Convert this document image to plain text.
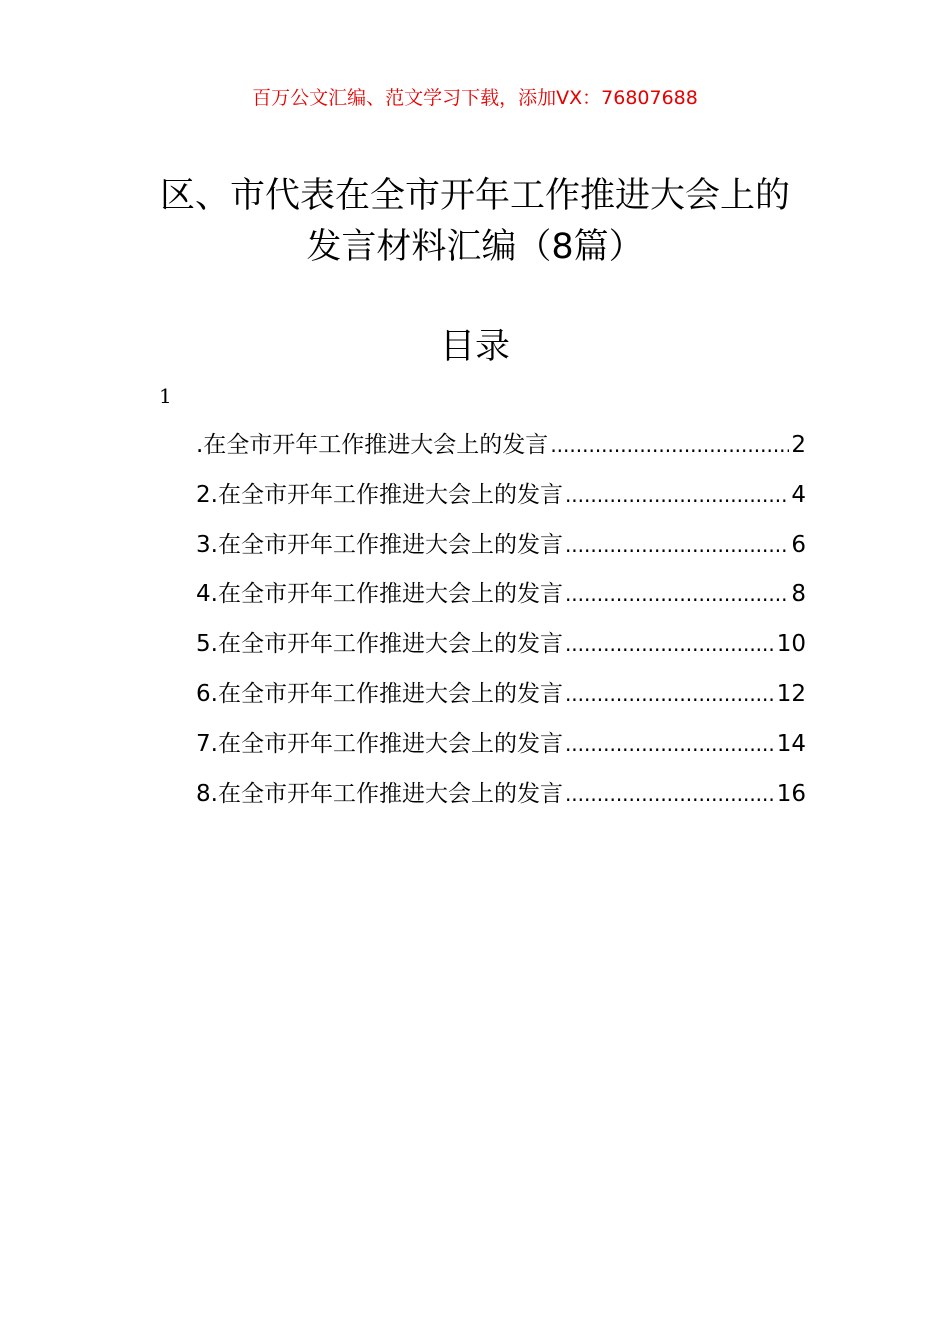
百万公文汇编、范文学习下载，添加VX：76807688
区、市代表在全市开年工作推进大会上的
发言材料汇编（8篇）
目录
1
.在全市开年工作推进大会上的发言 .....	2
2.在全市开年工作推进大会上的发言 .....	4
3.在全市开年工作推进大会上的发言 .....	6
4.在全市开年工作推进大会上的发言 .....	8
5.在全市开年工作推进大会上的发言 .....	10
6.在全市开年工作推进大会上的发言 .....	12
7.在全市开年工作推进大会上的发言 .....	14
8.在全市开年工作推进大会上的发言 .....	16
